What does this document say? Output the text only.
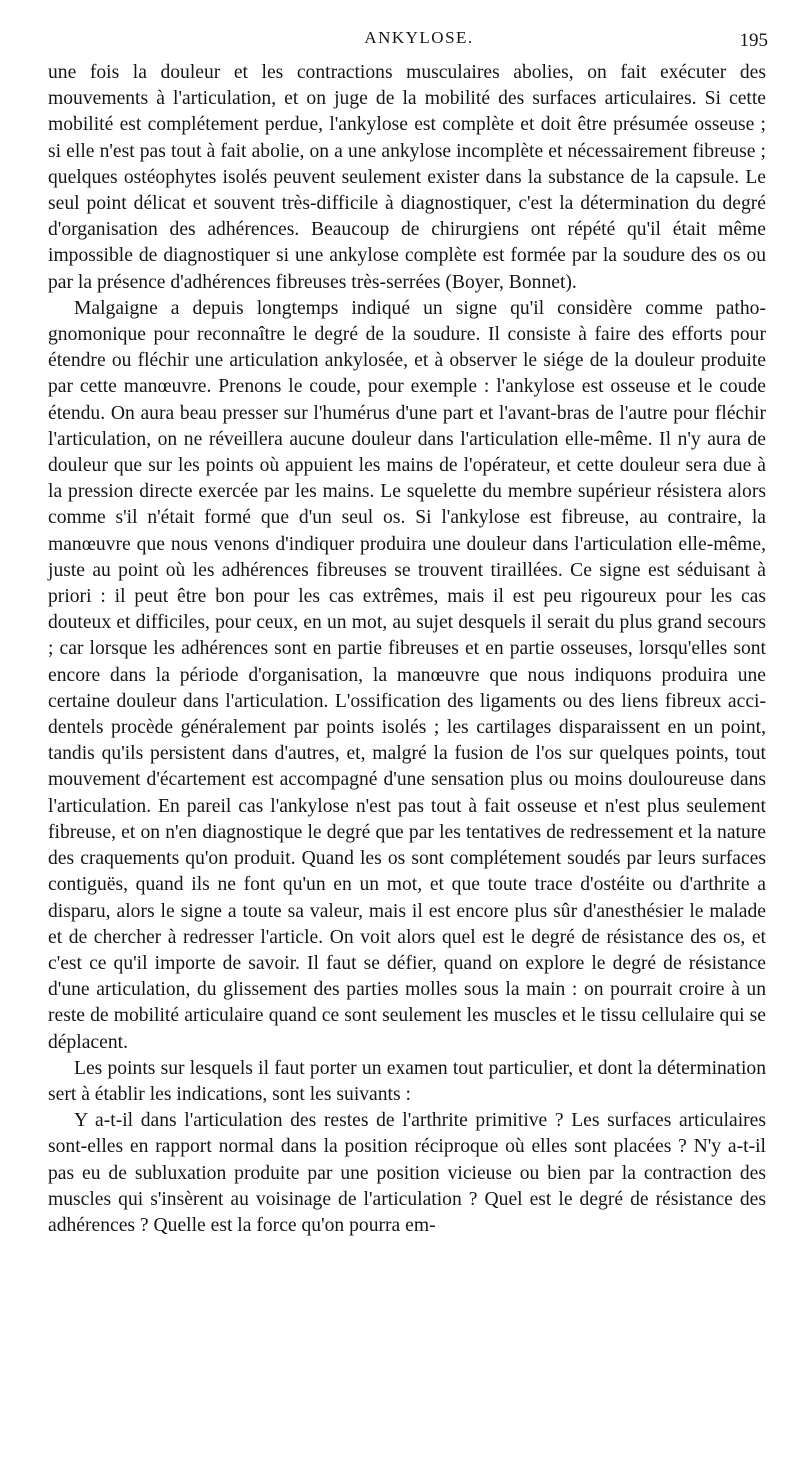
ANKYLOSE.	195

une fois la douleur et les contractions musculaires abolies, on fait exécuter des mouvements à l'articulation, et on juge de la mobilité des surfaces articulaires. Si cette mobilité est complétement perdue, l'ankylose est complète et doit être présumée osseuse ; si elle n'est pas tout à fait abolie, on a une ankylose incomplète et nécessairement fibreuse ; quelques ostéophytes isolés peuvent seulement exister dans la substance de la capsule. Le seul point délicat et souvent très-difficile à diagnostiquer, c'est la détermination du degré d'organisation des adhérences. Beaucoup de chirurgiens ont répété qu'il était même impossible de diagnostiquer si une ankylose complète est formée par la soudure des os ou par la présence d'adhérences fibreuses très-serrées (Boyer, Bonnet).

Malgaigne a depuis longtemps indiqué un signe qu'il considère comme pathognomonique pour reconnaître le degré de la soudure. Il consiste à faire des efforts pour étendre ou fléchir une articulation ankylosée, et à observer le siége de la douleur produite par cette manœuvre. Prenons le coude, pour exemple : l'ankylose est osseuse et le coude étendu. On aura beau presser sur l'humérus d'une part et l'avant-bras de l'autre pour fléchir l'articulation, on ne réveillera aucune douleur dans l'articulation elle-même. Il n'y aura de douleur que sur les points où appuient les mains de l'opérateur, et cette douleur sera due à la pression directe exercée par les mains. Le squelette du membre supérieur résistera alors comme s'il n'était formé que d'un seul os. Si l'ankylose est fibreuse, au contraire, la manœuvre que nous venons d'indiquer produira une douleur dans l'articulation elle-même, juste au point où les adhérences fibreuses se trouvent tiraillées. Ce signe est séduisant à priori : il peut être bon pour les cas extrêmes, mais il est peu rigoureux pour les cas douteux et difficiles, pour ceux, en un mot, au sujet desquels il serait du plus grand secours ; car lorsque les adhérences sont en partie fibreuses et en partie osseuses, lorsqu'elles sont encore dans la période d'organisation, la manœuvre que nous indiquons produira une certaine douleur dans l'articulation. L'ossification des ligaments ou des liens fibreux accidentels procède généralement par points isolés ; les cartilages disparaissent en un point, tandis qu'ils persistent dans d'autres, et, malgré la fusion de l'os sur quelques points, tout mouvement d'écartement est accompagné d'une sensation plus ou moins douloureuse dans l'articulation. En pareil cas l'ankylose n'est pas tout à fait osseuse et n'est plus seulement fibreuse, et on n'en diagnostique le degré que par les tentatives de redressement et la nature des craquements qu'on produit. Quand les os sont complétement soudés par leurs surfaces contiguës, quand ils ne font qu'un en un mot, et que toute trace d'ostéite ou d'arthrite a disparu, alors le signe a toute sa valeur, mais il est encore plus sûr d'anesthésier le malade et de chercher à redresser l'article. On voit alors quel est le degré de résistance des os, et c'est ce qu'il importe de savoir. Il faut se défier, quand on explore le degré de résistance d'une articulation, du glissement des parties molles sous la main : on pourrait croire à un reste de mobilité articulaire quand ce sont seulement les muscles et le tissu cellulaire qui se déplacent.

Les points sur lesquels il faut porter un examen tout particulier, et dont la détermination sert à établir les indications, sont les suivants :

Y a-t-il dans l'articulation des restes de l'arthrite primitive ? Les surfaces articulaires sont-elles en rapport normal dans la position réciproque où elles sont placées ? N'y a-t-il pas eu de subluxation produite par une position vicieuse ou bien par la contraction des muscles qui s'insèrent au voisinage de l'articulation ? Quel est le degré de résistance des adhérences ? Quelle est la force qu'on pourra em-
